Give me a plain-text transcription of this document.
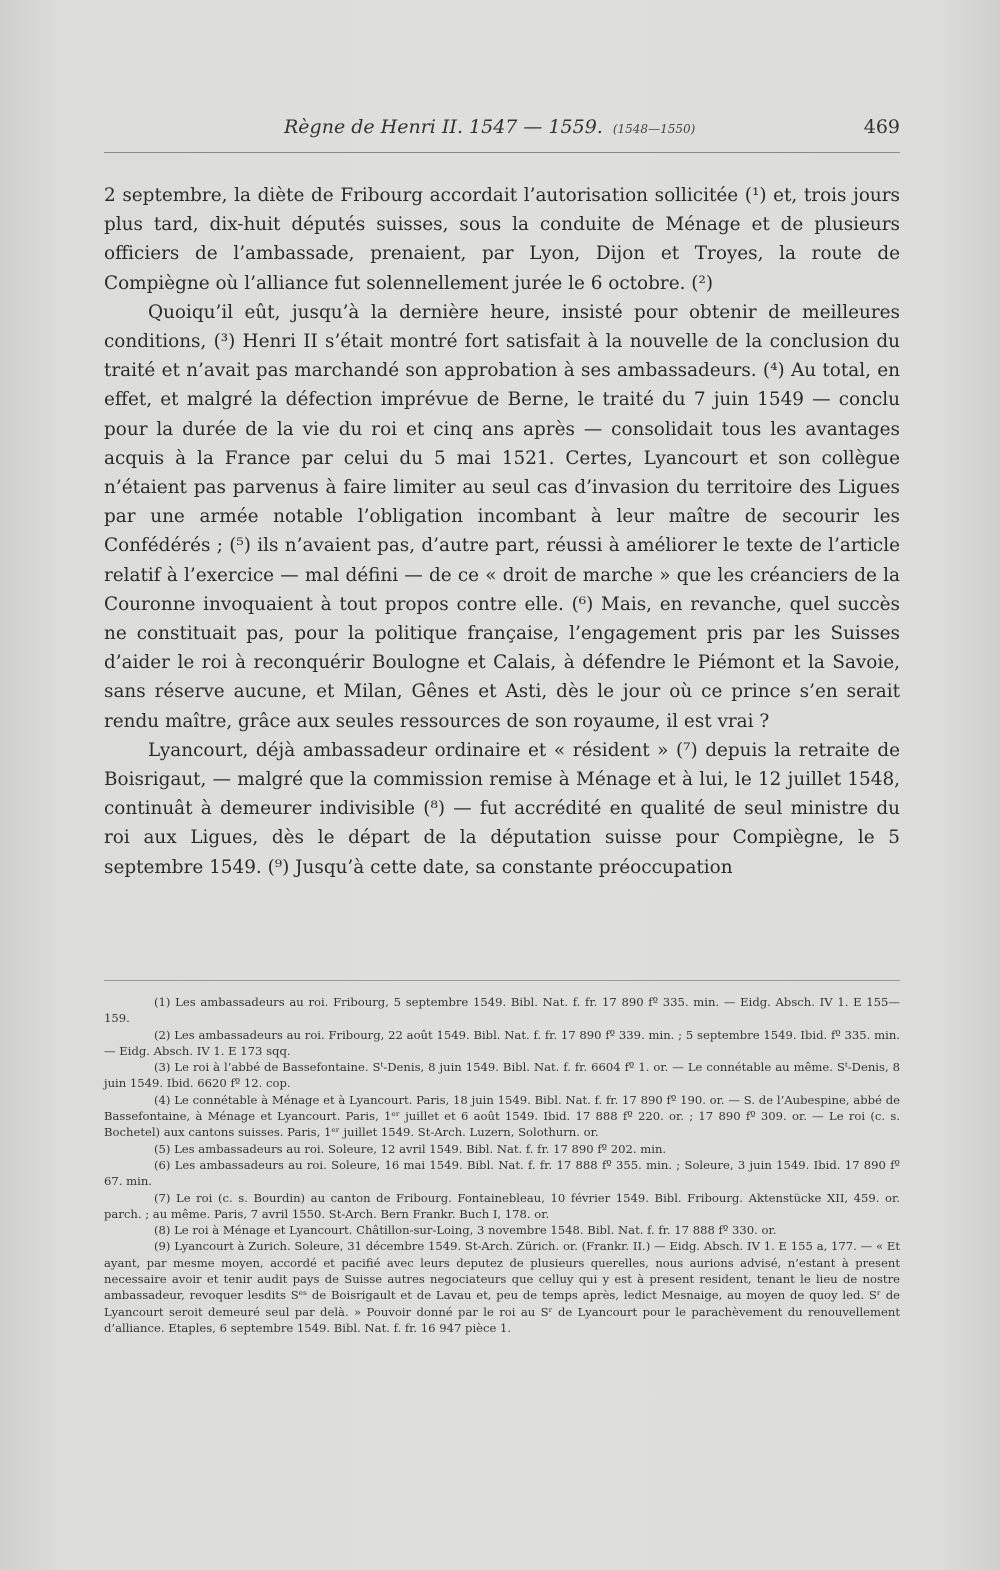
Règne de Henri II. 1547 — 1559. (1548—1550)	469

2 septembre, la diète de Fribourg accordait l’autorisation sollicitée (¹) et, trois jours plus tard, dix-huit députés suisses, sous la conduite de Ménage et de plusieurs officiers de l’ambassade, prenaient, par Lyon, Dijon et Troyes, la route de Compiègne où l’alliance fut solennellement jurée le 6 octobre. (²)

Quoiqu’il eût, jusqu’à la dernière heure, insisté pour obtenir de meilleures conditions, (³) Henri II s’était montré fort satisfait à la nouvelle de la conclusion du traité et n’avait pas marchandé son approbation à ses ambassadeurs. (⁴) Au total, en effet, et malgré la défection imprévue de Berne, le traité du 7 juin 1549 — conclu pour la durée de la vie du roi et cinq ans après — consolidait tous les avantages acquis à la France par celui du 5 mai 1521. Certes, Lyancourt et son collègue n’étaient pas parvenus à faire limiter au seul cas d’invasion du territoire des Ligues par une armée notable l’obligation incombant à leur maître de secourir les Confédérés ; (⁵) ils n’avaient pas, d’autre part, réussi à améliorer le texte de l’article relatif à l’exercice — mal défini — de ce « droit de marche » que les créanciers de la Couronne invoquaient à tout propos contre elle. (⁶) Mais, en revanche, quel succès ne constituait pas, pour la politique française, l’engagement pris par les Suisses d’aider le roi à reconquérir Boulogne et Calais, à défendre le Piémont et la Savoie, sans réserve aucune, et Milan, Gênes et Asti, dès le jour où ce prince s’en serait rendu maître, grâce aux seules ressources de son royaume, il est vrai ?

Lyancourt, déjà ambassadeur ordinaire et « résident » (⁷) depuis la retraite de Boisrigaut, — malgré que la commission remise à Ménage et à lui, le 12 juillet 1548, continuât à demeurer indivisible (⁸) — fut accrédité en qualité de seul ministre du roi aux Ligues, dès le départ de la députation suisse pour Compiègne, le 5 septembre 1549. (⁹) Jusqu’à cette date, sa constante préoccupation

(1) Les ambassadeurs au roi. Fribourg, 5 septembre 1549. Bibl. Nat. f. fr. 17 890 fº 335. min. — Eidg. Absch. IV 1. E 155—159.

(2) Les ambassadeurs au roi. Fribourg, 22 août 1549. Bibl. Nat. f. fr. 17 890 fº 339. min. ; 5 septembre 1549. Ibid. fº 335. min. — Eidg. Absch. IV 1. E 173 sqq.

(3) Le roi à l’abbé de Bassefontaine. Sᵗ-Denis, 8 juin 1549. Bibl. Nat. f. fr. 6604 fº 1. or. — Le connétable au même. Sᵗ-Denis, 8 juin 1549. Ibid. 6620 fº 12. cop.

(4) Le connétable à Ménage et à Lyancourt. Paris, 18 juin 1549. Bibl. Nat. f. fr. 17 890 fº 190. or. — S. de l’Aubespine, abbé de Bassefontaine, à Ménage et Lyancourt. Paris, 1ᵉʳ juillet et 6 août 1549. Ibid. 17 888 fº 220. or. ; 17 890 fº 309. or. — Le roi (c. s. Bochetel) aux cantons suisses. Paris, 1ᵉʳ juillet 1549. St-Arch. Luzern, Solothurn. or.

(5) Les ambassadeurs au roi. Soleure, 12 avril 1549. Bibl. Nat. f. fr. 17 890 fº 202. min.

(6) Les ambassadeurs au roi. Soleure, 16 mai 1549. Bibl. Nat. f. fr. 17 888 fº 355. min. ; Soleure, 3 juin 1549. Ibid. 17 890 fº 67. min.

(7) Le roi (c. s. Bourdin) au canton de Fribourg. Fontainebleau, 10 février 1549. Bibl. Fribourg. Aktenstücke XII, 459. or. parch. ; au même. Paris, 7 avril 1550. St-Arch. Bern Frankr. Buch I, 178. or.

(8) Le roi à Ménage et Lyancourt. Châtillon-sur-Loing, 3 novembre 1548. Bibl. Nat. f. fr. 17 888 fº 330. or.

(9) Lyancourt à Zurich. Soleure, 31 décembre 1549. St-Arch. Zürich. or. (Frankr. II.) — Eidg. Absch. IV 1. E 155 a, 177. — « Et ayant, par mesme moyen, accordé et pacifié avec leurs deputez de plusieurs querelles, nous aurions advisé, n’estant à present necessaire avoir et tenir audit pays de Suisse autres negociateurs que celluy qui y est à present resident, tenant le lieu de nostre ambassadeur, revoquer lesdits Sᵉˢ de Boisrigault et de Lavau et, peu de temps après, ledict Mesnaige, au moyen de quoy led. Sʳ de Lyancourt seroit demeuré seul par delà. » Pouvoir donné par le roi au Sʳ de Lyancourt pour le parachèvement du renouvellement d’alliance. Etaples, 6 septembre 1549. Bibl. Nat. f. fr. 16 947 pièce 1.
